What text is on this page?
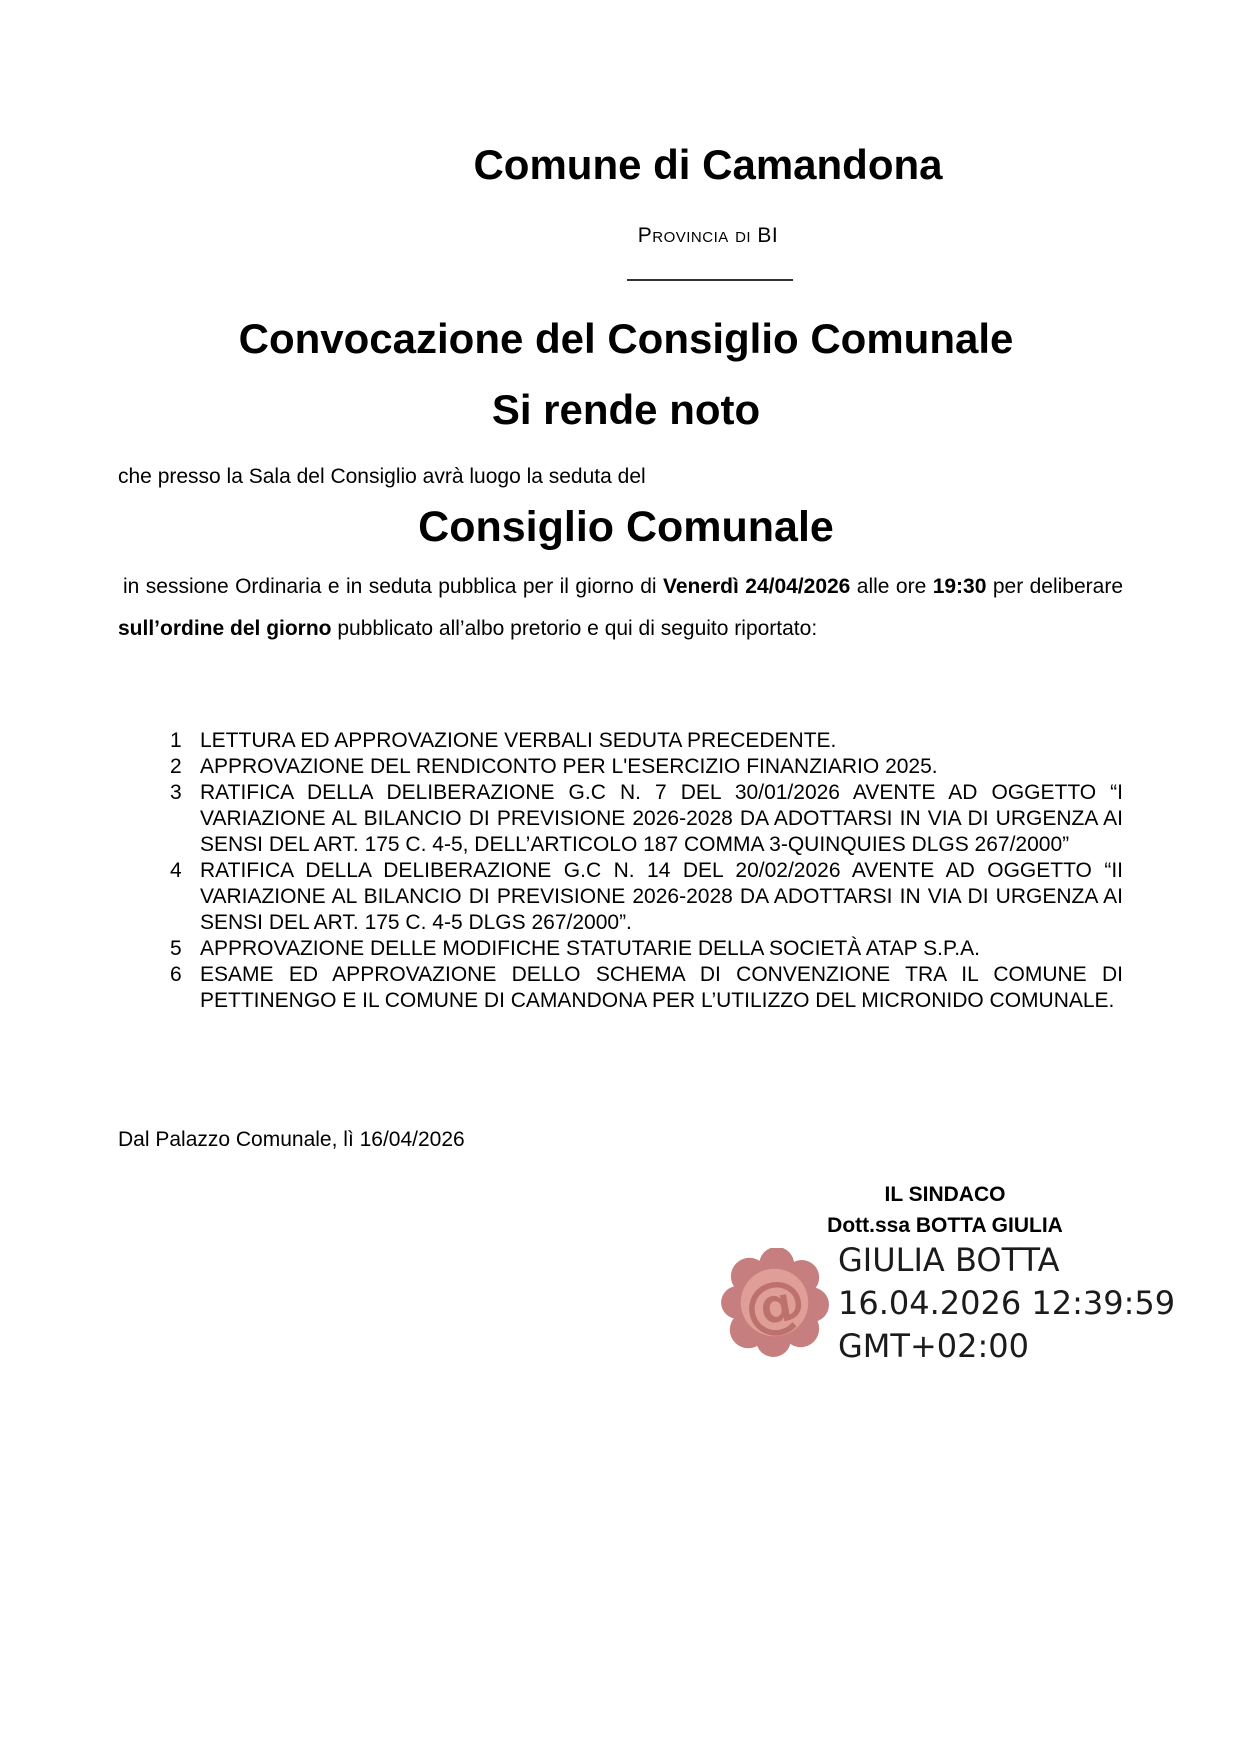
Comune di Camandona
Provincia di BI
Convocazione del Consiglio Comunale
Si rende noto
che presso la Sala del Consiglio avrà luogo la seduta del
Consiglio Comunale

in sessione Ordinaria e in seduta pubblica per il giorno di Venerdì 24/04/2026 alle ore 19:30 per deliberare sull’ordine del giorno pubblicato all’albo pretorio e qui di seguito riportato:

1 LETTURA ED APPROVAZIONE VERBALI SEDUTA PRECEDENTE.
2 APPROVAZIONE DEL RENDICONTO PER L'ESERCIZIO FINANZIARIO 2025.
3 RATIFICA DELLA DELIBERAZIONE G.C N. 7 DEL 30/01/2026 AVENTE AD OGGETTO “I VARIAZIONE AL BILANCIO DI PREVISIONE 2026-2028 DA ADOTTARSI IN VIA DI URGENZA AI SENSI DEL ART. 175 C. 4-5, DELL’ARTICOLO 187 COMMA 3-QUINQUIES DLGS 267/2000”
4 RATIFICA DELLA DELIBERAZIONE G.C N. 14 DEL 20/02/2026 AVENTE AD OGGETTO “II VARIAZIONE AL BILANCIO DI PREVISIONE 2026-2028 DA ADOTTARSI IN VIA DI URGENZA AI SENSI DEL ART. 175 C. 4-5 DLGS 267/2000”.
5 APPROVAZIONE DELLE MODIFICHE STATUTARIE DELLA SOCIETÀ ATAP S.P.A.
6 ESAME ED APPROVAZIONE DELLO SCHEMA DI CONVENZIONE TRA IL COMUNE DI PETTINENGO E IL COMUNE DI CAMANDONA PER L’UTILIZZO DEL MICRONIDO COMUNALE.
Dal Palazzo Comunale, lì 16/04/2026
IL SINDACO
Dott.ssa BOTTA GIULIA
@
GIULIA BOTTA
16.04.2026 12:39:59
GMT+02:00
